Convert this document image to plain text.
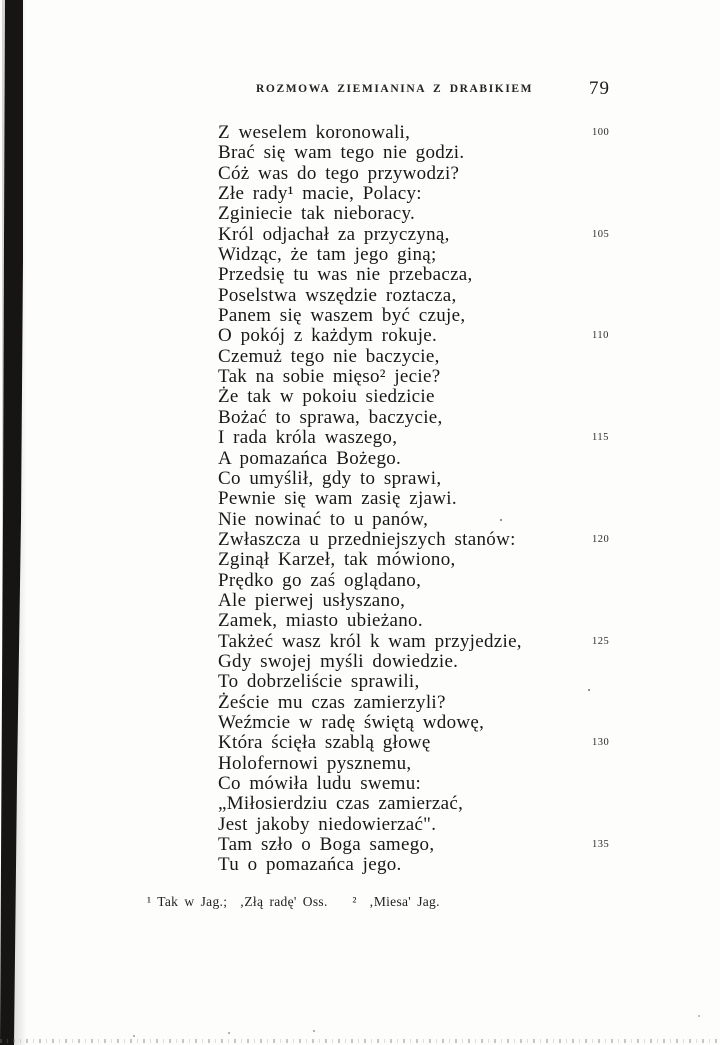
ROZMOWA ZIEMIANINA Z DRABIKIEM	79
Z weselem koronowali,	100
Brać się wam tego nie godzi.
Cóż was do tego przywodzi?
Złe rady¹ macie, Polacy:
Zginiecie tak nieboracy.
Król odjachał za przyczyną,	105
Widząc, że tam jego giną;
Przedsię tu was nie przebacza,
Poselstwa wszędzie roztacza,
Panem się waszem być czuje,
O pokój z każdym rokuje.	110
Czemuż tego nie baczycie,
Tak na sobie mięso² jecie?
Że tak w pokoiu siedzicie
Bożać to sprawa, baczycie,
I rada króla waszego,	115
A pomazańca Bożego.
Co umyślił, gdy to sprawi,
Pewnie się wam zasię zjawi.
Nie nowinać to u panów,
Zwłaszcza u przedniejszych stanów:	120
Zginął Karzeł, tak mówiono,
Prędko go zaś oglądano,
Ale pierwej usłyszano,
Zamek, miasto ubieżano.
Takżeć wasz król k wam przyjedzie,	125
Gdy swojej myśli dowiedzie.
To dobrzeliście sprawili,
Żeście mu czas zamierzyli?
Weźmcie w radę świętą wdowę,
Która ścięła szablą głowę	130
Holofernowi pysznemu,
Co mówiła ludu swemu:
„Miłosierdziu czas zamierzać,
Jest jakoby niedowierzać".
Tam szło o Boga samego,	135
Tu o pomazańca jego.
¹ Tak w Jag.;  ‚Złą radę' Oss.    ²  ‚Miesa' Jag.
